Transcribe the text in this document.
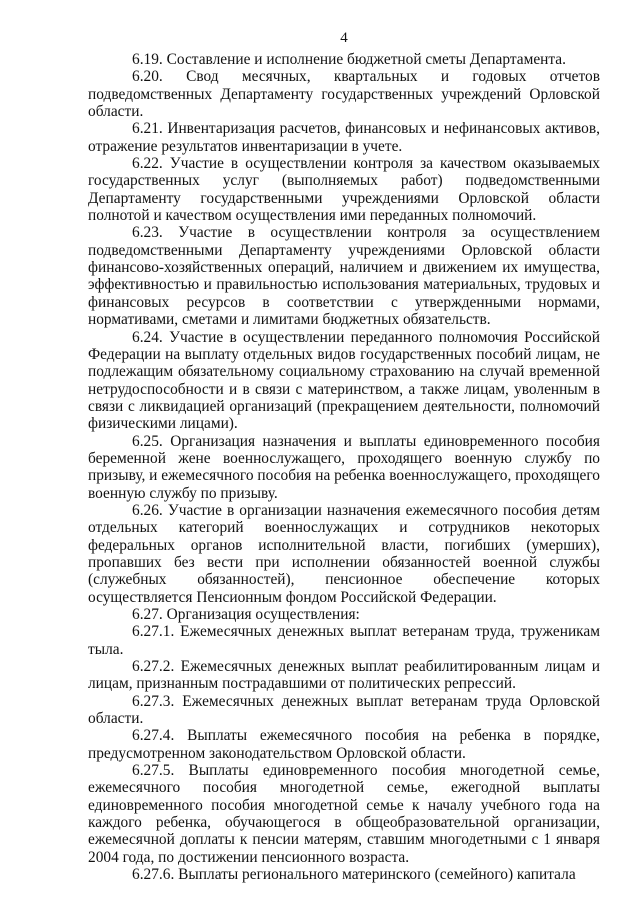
4

6.19. Составление и исполнение бюджетной сметы Департамента.

6.20. Свод месячных, квартальных и годовых отчетов подведомственных Департаменту государственных учреждений Орловской области.

6.21. Инвентаризация расчетов, финансовых и нефинансовых активов, отражение результатов инвентаризации в учете.

6.22. Участие в осуществлении контроля за качеством оказываемых государственных услуг (выполняемых работ) подведомственными Департаменту государственными учреждениями Орловской области полнотой и качеством осуществления ими переданных полномочий.

6.23. Участие в осуществлении контроля за осуществлением подведомственными Департаменту учреждениями Орловской области финансово-хозяйственных операций, наличием и движением их имущества, эффективностью и правильностью использования материальных, трудовых и финансовых ресурсов в соответствии с утвержденными нормами, нормативами, сметами и лимитами бюджетных обязательств.

6.24. Участие в осуществлении переданного полномочия Российской Федерации на выплату отдельных видов государственных пособий лицам, не подлежащим обязательному социальному страхованию на случай временной нетрудоспособности и в связи с материнством, а также лицам, уволенным в связи с ликвидацией организаций (прекращением деятельности, полномочий физическими лицами).

6.25. Организация назначения и выплаты единовременного пособия беременной жене военнослужащего, проходящего военную службу по призыву, и ежемесячного пособия на ребенка военнослужащего, проходящего военную службу по призыву.

6.26. Участие в организации назначения ежемесячного пособия детям отдельных категорий военнослужащих и сотрудников некоторых федеральных органов исполнительной власти, погибших (умерших), пропавших без вести при исполнении обязанностей военной службы (служебных обязанностей), пенсионное обеспечение которых осуществляется Пенсионным фондом Российской Федерации.

6.27. Организация осуществления:

6.27.1. Ежемесячных денежных выплат ветеранам труда, труженикам тыла.

6.27.2. Ежемесячных денежных выплат реабилитированным лицам и лицам, признанным пострадавшими от политических репрессий.

6.27.3. Ежемесячных денежных выплат ветеранам труда Орловской области.

6.27.4. Выплаты ежемесячного пособия на ребенка в порядке, предусмотренном законодательством Орловской области.

6.27.5. Выплаты единовременного пособия многодетной семье, ежемесячного пособия многодетной семье, ежегодной выплаты единовременного пособия многодетной семье к началу учебного года на каждого ребенка, обучающегося в общеобразовательной организации, ежемесячной доплаты к пенсии матерям, ставшим многодетными с 1 января 2004 года, по достижении пенсионного возраста.

6.27.6. Выплаты регионального материнского (семейного) капитала
